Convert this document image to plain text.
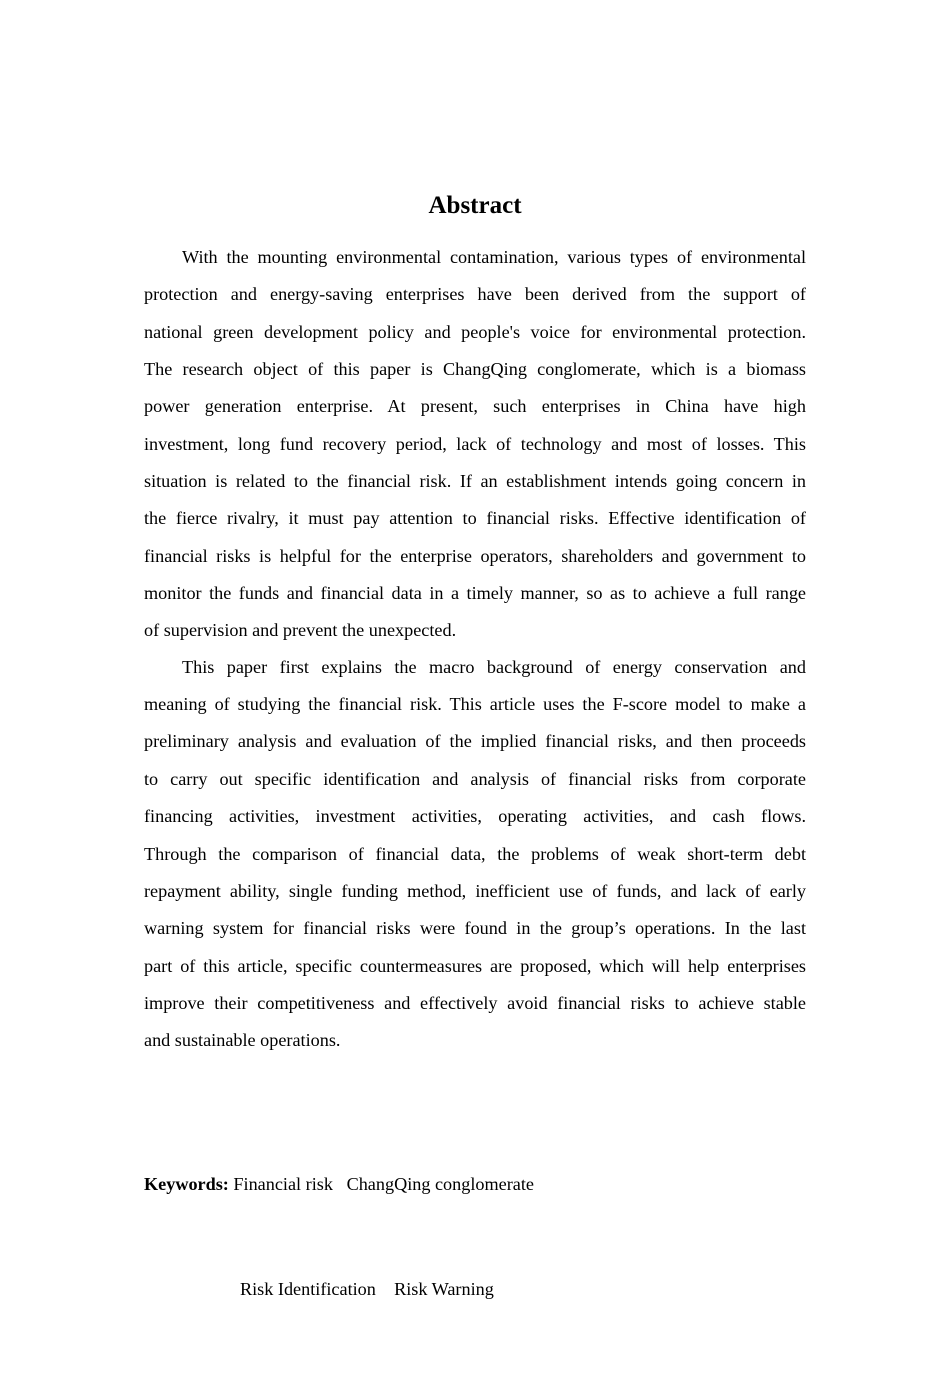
Abstract
With the mounting environmental contamination, various types of environmental
protection and energy-saving enterprises have been derived from the support of
national green development policy and people's voice for environmental protection.
The research object of this paper is ChangQing conglomerate, which is a biomass
power generation enterprise. At present, such enterprises in China have high
investment, long fund recovery period, lack of technology and most of losses. This
situation is related to the financial risk. If an establishment intends going concern in
the fierce rivalry, it must pay attention to financial risks. Effective identification of
financial risks is helpful for the enterprise operators, shareholders and government to
monitor the funds and financial data in a timely manner, so as to achieve a full range
of supervision and prevent the unexpected.
This paper first explains the macro background of energy conservation and
meaning of studying the financial risk. This article uses the F-score model to make a
preliminary analysis and evaluation of the implied financial risks, and then proceeds
to carry out specific identification and analysis of financial risks from corporate
financing activities, investment activities, operating activities, and cash flows.
Through the comparison of financial data, the problems of weak short-term debt
repayment ability, single funding method, inefficient use of funds, and lack of early
warning system for financial risks were found in the group’s operations. In the last
part of this article, specific countermeasures are proposed, which will help enterprises
improve their competitiveness and effectively avoid financial risks to achieve stable
and sustainable operations.

Keywords: Financial risk ChangQing conglomerate

Risk Identification Risk Warning
